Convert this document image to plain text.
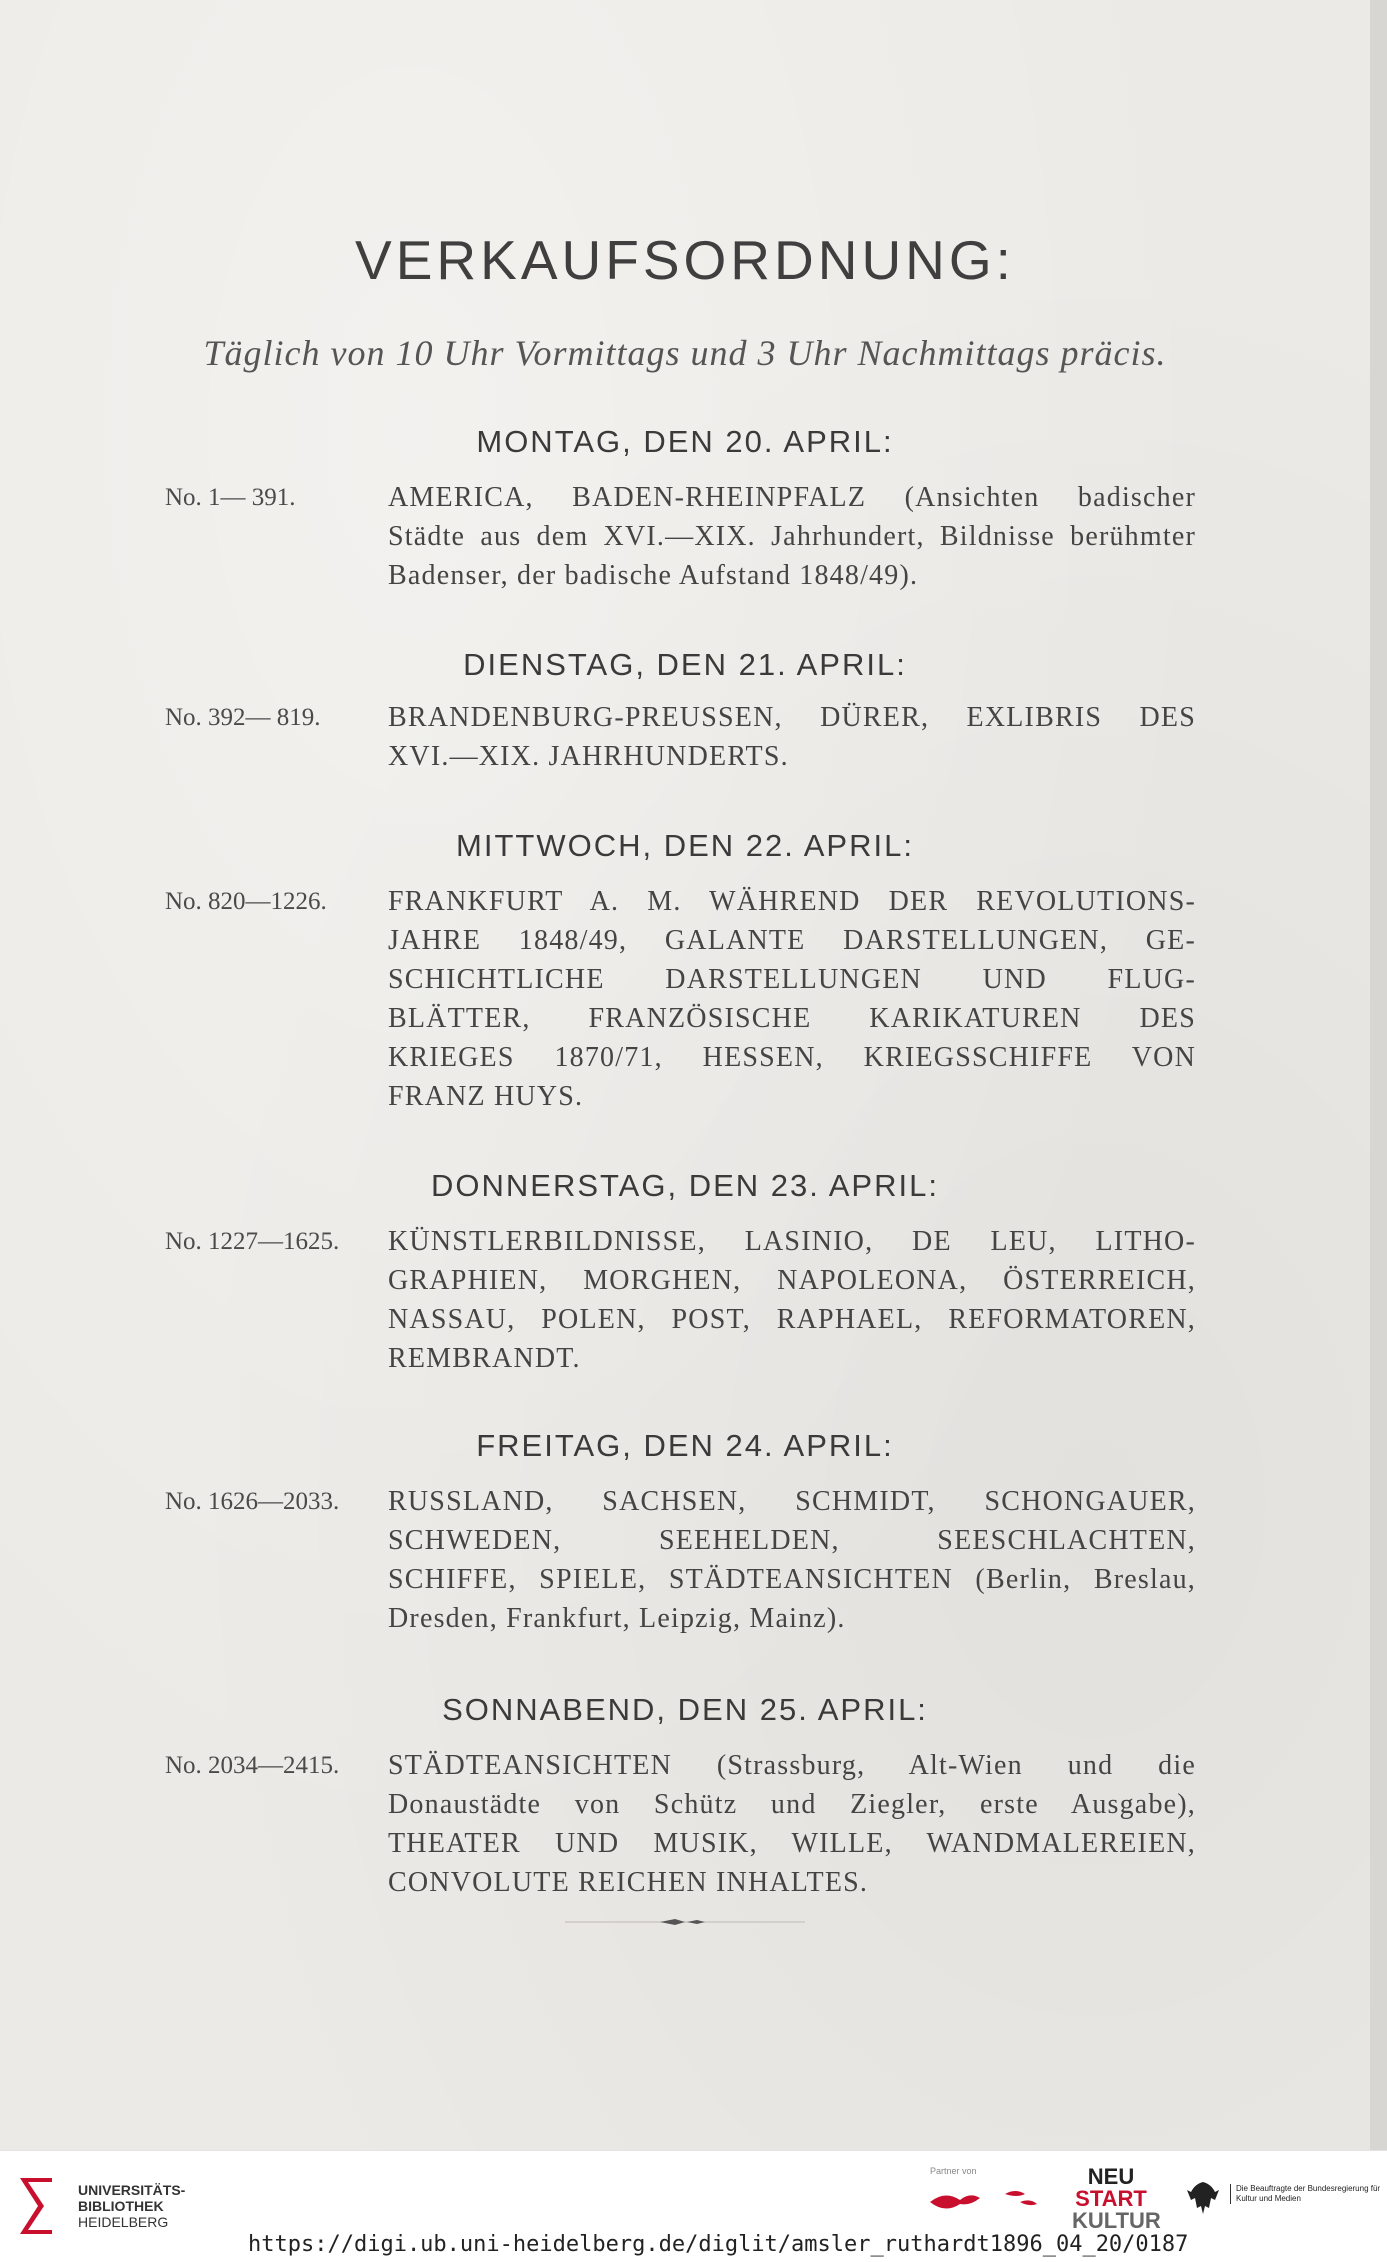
VERKAUFSORDNUNG:
Täglich von 10 Uhr Vormittags und 3 Uhr Nachmittags präcis.
MONTAG, DEN 20. APRIL:
No. 1— 391.	AMERICA, BADEN-RHEINPFALZ (Ansichten badischer
Städte aus dem XVI.—XIX. Jahrhundert, Bildnisse berühmter
Badenser, der badische Aufstand 1848/49).
DIENSTAG, DEN 21. APRIL:
No. 392— 819.	BRANDENBURG-PREUSSEN, DÜRER, EXLIBRIS DES
XVI.—XIX. JAHRHUNDERTS.
MITTWOCH, DEN 22. APRIL:
No. 820—1226.	FRANKFURT A. M. WÄHREND DER REVOLUTIONS-
JAHRE 1848/49, GALANTE DARSTELLUNGEN, GE-
SCHICHTLICHE DARSTELLUNGEN UND FLUG-
BLÄTTER, FRANZÖSISCHE KARIKATUREN DES
KRIEGES 1870/71, HESSEN, KRIEGSSCHIFFE VON
FRANZ HUYS.
DONNERSTAG, DEN 23. APRIL:
No. 1227—1625.	KÜNSTLERBILDNISSE, LASINIO, DE LEU, LITHO-
GRAPHIEN, MORGHEN, NAPOLEONA, ÖSTERREICH,
NASSAU, POLEN, POST, RAPHAEL, REFORMATOREN,
REMBRANDT.
FREITAG, DEN 24. APRIL:
No. 1626—2033.	RUSSLAND, SACHSEN, SCHMIDT, SCHONGAUER,
SCHWEDEN, SEEHELDEN, SEESCHLACHTEN,
SCHIFFE, SPIELE, STÄDTEANSICHTEN (Berlin, Breslau,
Dresden, Frankfurt, Leipzig, Mainz).
SONNABEND, DEN 25. APRIL:
No. 2034—2415.	STÄDTEANSICHTEN (Strassburg, Alt-Wien und die
Donaustädte von Schütz und Ziegler, erste Ausgabe),
THEATER UND MUSIK, WILLE, WANDMALEREIEN,
CONVOLUTE REICHEN INHALTES.
UNIVERSITÄTS-
BIBLIOTHEK
HEIDELBERG
https://digi.ub.uni-heidelberg.de/diglit/amsler_ruthardt1896_04_20/0187
Partner von	NEU
START
KULTUR
Die Beauftragte der Bundesregierung für Kultur und Medien
